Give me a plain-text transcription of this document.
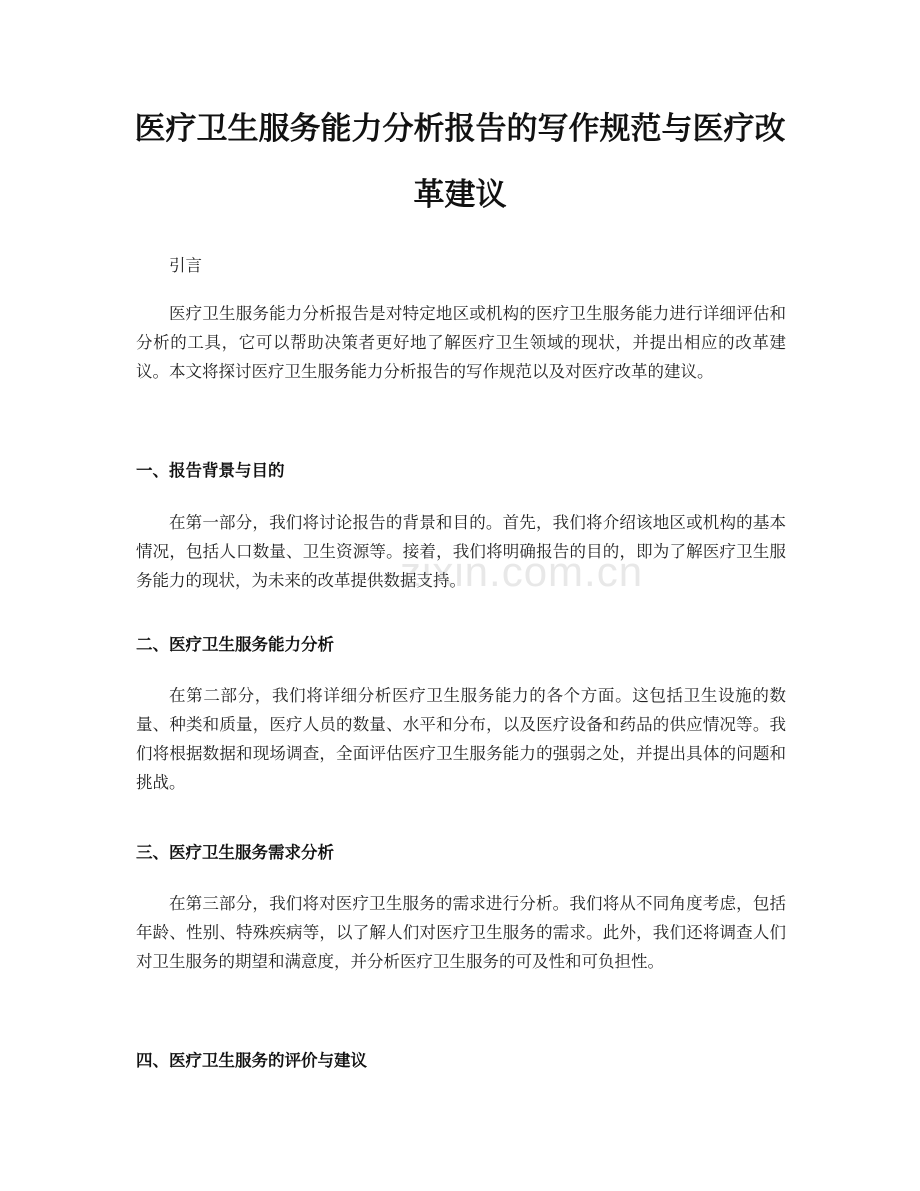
医疗卫生服务能力分析报告的写作规范与医疗改革建议

引言

医疗卫生服务能力分析报告是对特定地区或机构的医疗卫生服务能力进行详细评估和分析的工具，它可以帮助决策者更好地了解医疗卫生领域的现状，并提出相应的改革建议。本文将探讨医疗卫生服务能力分析报告的写作规范以及对医疗改革的建议。

一、报告背景与目的

在第一部分，我们将讨论报告的背景和目的。首先，我们将介绍该地区或机构的基本情况，包括人口数量、卫生资源等。接着，我们将明确报告的目的，即为了解医疗卫生服务能力的现状，为未来的改革提供数据支持。

二、医疗卫生服务能力分析

在第二部分，我们将详细分析医疗卫生服务能力的各个方面。这包括卫生设施的数量、种类和质量，医疗人员的数量、水平和分布，以及医疗设备和药品的供应情况等。我们将根据数据和现场调查，全面评估医疗卫生服务能力的强弱之处，并提出具体的问题和挑战。

三、医疗卫生服务需求分析

在第三部分，我们将对医疗卫生服务的需求进行分析。我们将从不同角度考虑，包括年龄、性别、特殊疾病等，以了解人们对医疗卫生服务的需求。此外，我们还将调查人们对卫生服务的期望和满意度，并分析医疗卫生服务的可及性和可负担性。

四、医疗卫生服务的评价与建议
zixin.com.cn
